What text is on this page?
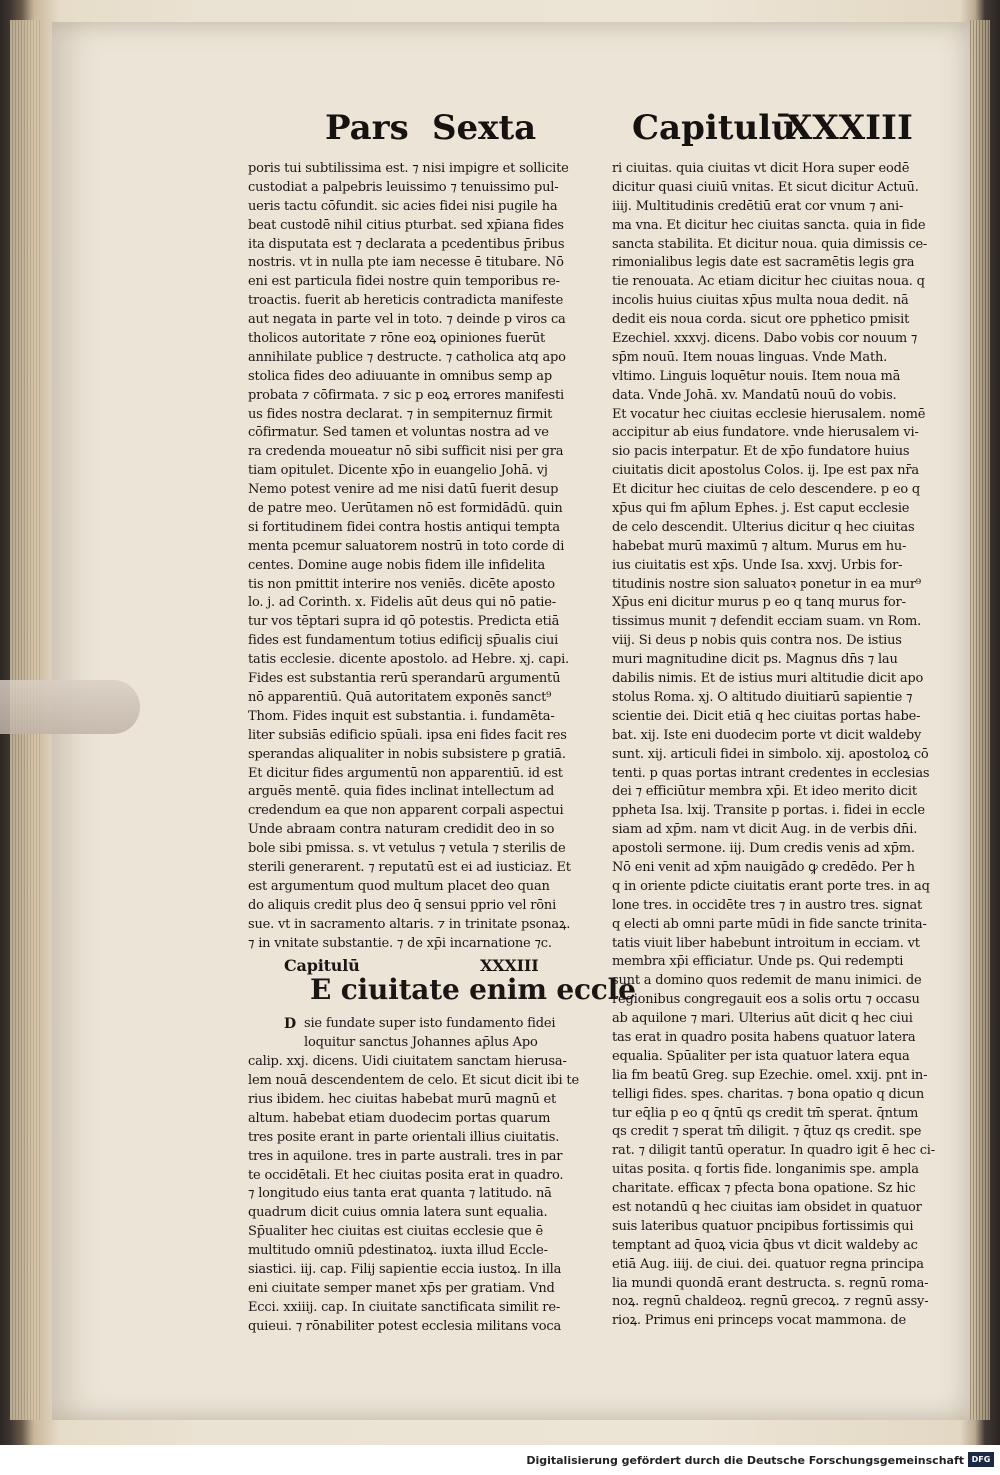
Pars Sexta	Capitulū
XXXIII
poris tui subtilissima est. ⁊ nisi impigre et sollicite
custodiat a palpebris leuissimo ⁊ tenuissimo pul-
ueris tactu cōfundit. sic acies fidei nisi pugile ha
beat custodē nihil citius pturbat. sed xp̄iana fides
ita disputata est ⁊ declarata a pcedentibus p̄ribus
nostris. vt in nulla pte iam necesse ē titubare. Nō
eni est particula fidei nostre quin temporibus re-
troactis. fuerit ab hereticis contradicta manifeste
aut negata in parte vel in toto. ⁊ deinde p viros ca
tholicos autoritate ⁊ rōne eoꝝ opiniones fuerūt
annihilate publice ⁊ destructe. ⁊ catholica atq apo
stolica fides deo adiuuante in omnibus semp ap
probata ⁊ cōfirmata. ⁊ sic p eoꝝ errores manifesti
us fides nostra declarat. ⁊ in sempiternuz firmit
cōfirmatur. Sed tamen et voluntas nostra ad ve
ra credenda moueatur nō sibi sufficit nisi per gra
tiam opitulet. Dicente xp̄o in euangelio Johā. vj
Nemo potest venire ad me nisi datū fuerit desup
de patre meo. Uerūtamen nō est formidādū. quin
si fortitudinem fidei contra hostis antiqui tempta
menta pcemur saluatorem nostrū in toto corde di
centes. Domine auge nobis fidem ille infidelita
tis non pmittit interire nos veniēs. dicēte aposto
lo. j. ad Corinth. x. Fidelis aūt deus qui nō patie-
tur vos tēptari supra id qō potestis. Predicta etiā
fides est fundamentum totius edificij sp̄ualis ciui
tatis ecclesie. dicente apostolo. ad Hebre. xj. capi.
Fides est substantia rerū sperandarū argumentū
nō apparentiū. Quā autoritatem exponēs sanct⁹
Thom. Fides inquit est substantia. i. fundamēta-
liter subsiās edificio spūali. ipsa eni fides facit res
sperandas aliqualiter in nobis subsistere p gratiā.
Et dicitur fides argumentū non apparentiū. id est
arguēs mentē. quia fides inclinat intellectum ad
credendum ea que non apparent corpali aspectui
Unde abraam contra naturam credidit deo in so
bole sibi pmissa. s. vt vetulus ⁊ vetula ⁊ sterilis de
sterili generarent. ⁊ reputatū est ei ad iusticiaz. Et
est argumentum quod multum placet deo quan
do aliquis credit plus deo q̄ sensui pprio vel rōni
sue. vt in sacramento altaris. ⁊ in trinitate psonaꝝ.
⁊ in vnitate substantie. ⁊ de xp̄i incarnatione ⁊c.
Capitulū	XXXIII
E ciuitate enim eccle
D sie fundate super isto fundamento fidei
loquitur sanctus Johannes ap̄lus Apo
calip. xxj. dicens. Uidi ciuitatem sanctam hierusa-
lem nouā descendentem de celo. Et sicut dicit ibi te
rius ibidem. hec ciuitas habebat murū magnū et
altum. habebat etiam duodecim portas quarum
tres posite erant in parte orientali illius ciuitatis.
tres in aquilone. tres in parte australi. tres in par
te occidētali. Et hec ciuitas posita erat in quadro.
⁊ longitudo eius tanta erat quanta ⁊ latitudo. nā
quadrum dicit cuius omnia latera sunt equalia.
Sp̄ualiter hec ciuitas est ciuitas ecclesie que ē
multitudo omniū pdestinatoꝝ. iuxta illud Eccle-
siastici. iij. cap. Filij sapientie eccia iustoꝝ. In illa
eni ciuitate semper manet xp̄s per gratiam. Vnd
Ecci. xxiiij. cap. In ciuitate sanctificata similit re-
quieui. ⁊ rōnabiliter potest ecclesia militans voca
ri ciuitas. quia ciuitas vt dicit Hora super eodē
dicitur quasi ciuiū vnitas. Et sicut dicitur Actuū.
iiij. Multitudinis credētiū erat cor vnum ⁊ ani-
ma vna. Et dicitur hec ciuitas sancta. quia in fide
sancta stabilita. Et dicitur noua. quia dimissis ce-
rimonialibus legis date est sacramētis legis gra
tie renouata. Ac etiam dicitur hec ciuitas noua. q
incolis huius ciuitas xp̄us multa noua dedit. nā
dedit eis noua corda. sicut ore pphetico pmisit
Ezechiel. xxxvj. dicens. Dabo vobis cor nouum ⁊
sp̄m nouū. Item nouas linguas. Vnde Math.
vltimo. Linguis loquētur nouis. Item noua mā
data. Vnde Johā. xv. Mandatū nouū do vobis.
Et vocatur hec ciuitas ecclesie hierusalem. nomē
accipitur ab eius fundatore. vnde hierusalem vi-
sio pacis interpatur. Et de xp̄o fundatore huius
ciuitatis dicit apostolus Colos. ij. Ipe est pax nr̄a
Et dicitur hec ciuitas de celo descendere. p eo q
xp̄us qui fm ap̄lum Ephes. j. Est caput ecclesie
de celo descendit. Ulterius dicitur q hec ciuitas
habebat murū maximū ⁊ altum. Murus em hu-
ius ciuitatis est xp̄s. Unde Isa. xxvj. Urbis for-
titudinis nostre sion saluatoꝛ ponetur in ea mur⁹
Xp̄us eni dicitur murus p eo q tanq murus for-
tissimus munit ⁊ defendit ecciam suam. vn Rom.
viij. Si deus p nobis quis contra nos. De istius
muri magnitudine dicit ps. Magnus dn̄s ⁊ lau
dabilis nimis. Et de istius muri altitudie dicit apo
stolus Roma. xj. O altitudo diuitiarū sapientie ⁊
scientie dei. Dicit etiā q hec ciuitas portas habe-
bat. xij. Iste eni duodecim porte vt dicit waldeby
sunt. xij. articuli fidei in simbolo. xij. apostoloꝝ cō
tenti. p quas portas intrant credentes in ecclesias
dei ⁊ efficiūtur membra xp̄i. Et ideo merito dicit
ppheta Isa. lxij. Transite p portas. i. fidei in eccle
siam ad xp̄m. nam vt dicit Aug. in de verbis dn̄i.
apostoli sermone. iij. Dum credis venis ad xp̄m.
Nō eni venit ad xp̄m nauigādo ꝙ credēdo. Per h
q in oriente pdicte ciuitatis erant porte tres. in aq
lone tres. in occidēte tres ⁊ in austro tres. signat
q electi ab omni parte mūdi in fide sancte trinita-
tatis viuit liber habebunt introitum in ecciam. vt
membra xp̄i efficiatur. Unde ps. Qui redempti
sunt a domino quos redemit de manu inimici. de
regionibus congregauit eos a solis ortu ⁊ occasu
ab aquilone ⁊ mari. Ulterius aūt dicit q hec ciui
tas erat in quadro posita habens quatuor latera
equalia. Spūaliter per ista quatuor latera equa
lia fm beatū Greg. sup Ezechie. omel. xxij. pnt in-
telligi fides. spes. charitas. ⁊ bona opatio q dicun
tur eq̄lia p eo q q̄ntū qs credit tm̄ sperat. q̄ntum
qs credit ⁊ sperat tm̄ diligit. ⁊ q̄tuz qs credit. spe
rat. ⁊ diligit tantū operatur. In quadro igit ē hec ci-
uitas posita. q fortis fide. longanimis spe. ampla
charitate. efficax ⁊ pfecta bona opatione. Sz hic
est notandū q hec ciuitas iam obsidet in quatuor
suis lateribus quatuor pncipibus fortissimis qui
temptant ad q̄uoꝝ vicia q̄bus vt dicit waldeby ac
etiā Aug. iiij. de ciui. dei. quatuor regna principa
lia mundi quondā erant destructa. s. regnū roma-
noꝝ. regnū chaldeoꝝ. regnū grecoꝝ. ⁊ regnū assy-
rioꝝ. Primus eni princeps vocat mammona. de
Digitalisierung gefördert durch die Deutsche Forschungsgemeinschaft DFG
